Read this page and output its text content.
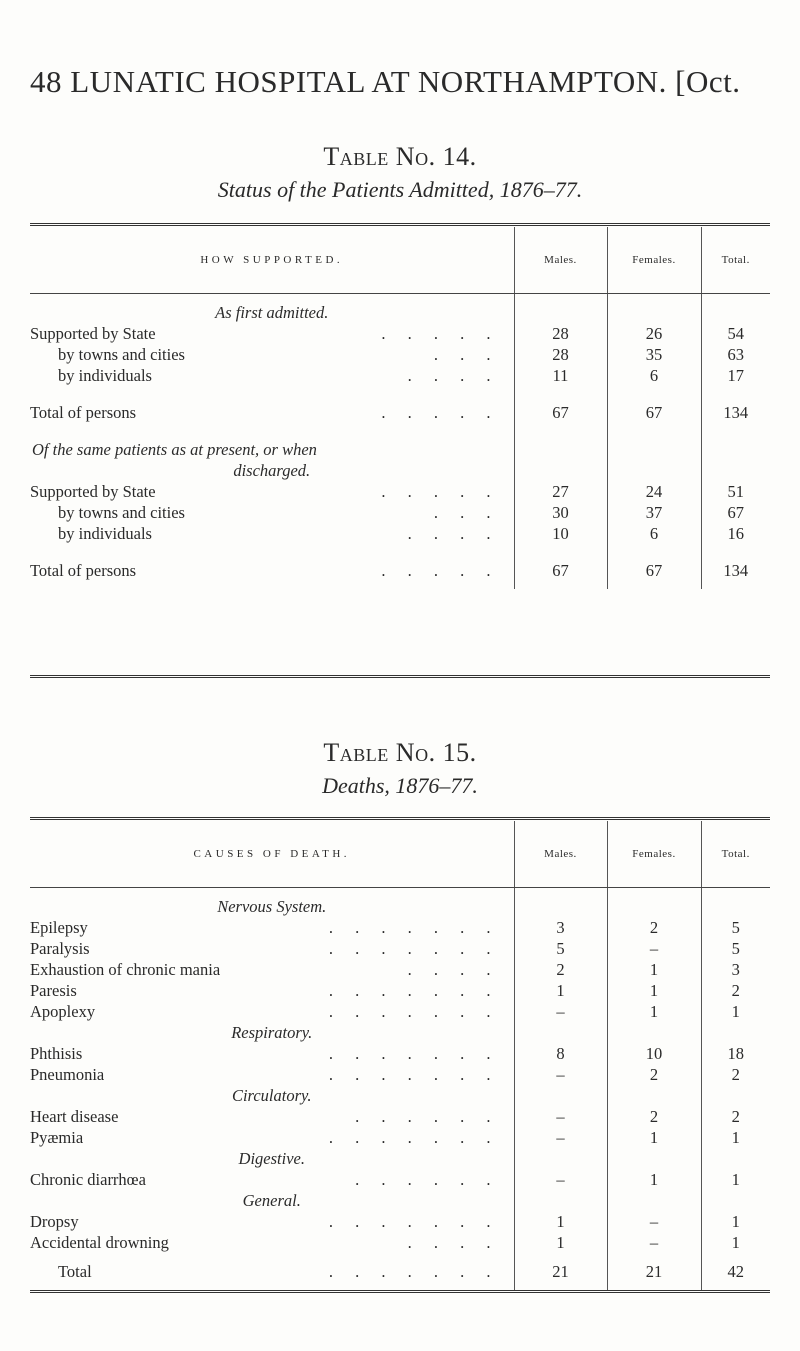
48 LUNATIC HOSPITAL AT NORTHAMPTON. [Oct.
Table No. 14.
Status of the Patients Admitted, 1876–77.
HOW SUPPORTED.	Males.	Females.	Total.

As first admitted.			

Supported by State . . . . .	28	26	54

by towns and cities . . .	28	35	63

by individuals . . . .	11	6	17

Total of persons . . . . .	67	67	134

Of the same patients as at present, or when			
discharged.			

Supported by State . . . . .	27	24	51

by towns and cities . . .	30	37	67

by individuals . . . .	10	6	16

Total of persons . . . . .	67	67	134

Table No. 15.
Deaths, 1876–77.
CAUSES OF DEATH.	Males.	Females.	Total.

Nervous System.			

Epilepsy . . . . . . .	3	2	5

Paralysis . . . . . . .	5	–	5

Exhaustion of chronic mania . . . .	2	1	3

Paresis . . . . . . .	1	1	2

Apoplexy . . . . . . .	–	1	1
Respiratory.			

Phthisis . . . . . . .	8	10	18

Pneumonia . . . . . . .	–	2	2
Circulatory.			

Heart disease . . . . . .	–	2	2

Pyæmia . . . . . . .	–	1	1
Digestive.			

Chronic diarrhœa . . . . . .	–	1	1
General.			

Dropsy . . . . . . .	1	–	1

Accidental drowning . . . .	1	–	1

Total . . . . . . .	21	21	42
